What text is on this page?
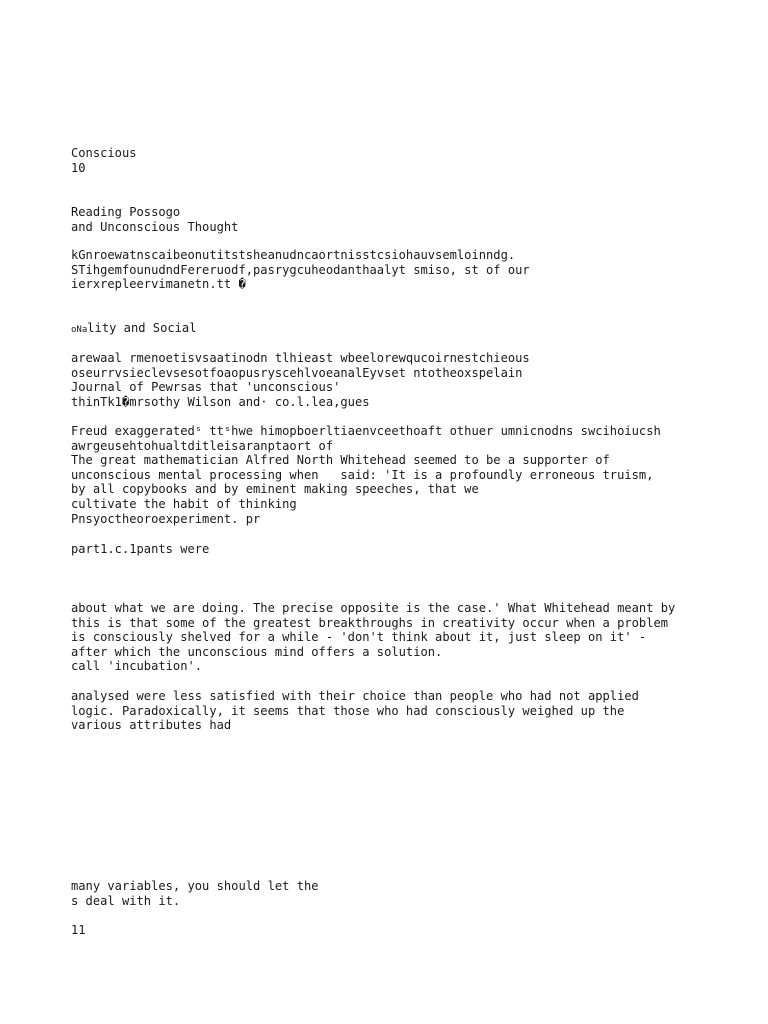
Conscious
10
Reading Possogo
and Unconscious Thought
kGnroewatnscaibeonutitstsheanudncaortnisstcsiohauvsemloinndg.
STihgemfounudndFereruodf,pasrygcuheodanthaalyt smiso, st of our
ierxrepleervimanetn.tt �
oNality and Social
arewaal rmenoetisvsaatinodn tlhieast wbeelorewqucoirnestchieous
oseurrvsieclevsesotfoaopusryscehlvoeanalEyvset ntotheoxspelain
Journal of Pewrsas that 'unconscious'
thinTk1�mrsothy Wilson and· co.l.lea,gues
Freud exaggeratedˢ ttˢhwe himopboerltiaenvceethoaft othuer umnicnodns swcihoiucsh
awrgeusehtohualtditleisaranptaort of
The great mathematician Alfred North Whitehead seemed to be a supporter of
unconscious mental processing when   said: 'It is a profoundly erroneous truism,
by all copybooks and by eminent making speeches, that we
cultivate the habit of thinking
Pnsyoctheoroexperiment. pr
part1.c.1pants were
about what we are doing. The precise opposite is the case.' What Whitehead meant by
this is that some of the greatest breakthroughs in creativity occur when a problem
is consciously shelved for a while - 'don't think about it, just sleep on it' -
after which the unconscious mind offers a solution.
call 'incubation'.
analysed were less satisfied with their choice than people who had not applied
logic. Paradoxically, it seems that those who had consciously weighed up the
various attributes had
many variables, you should let the
s deal with it.
11
